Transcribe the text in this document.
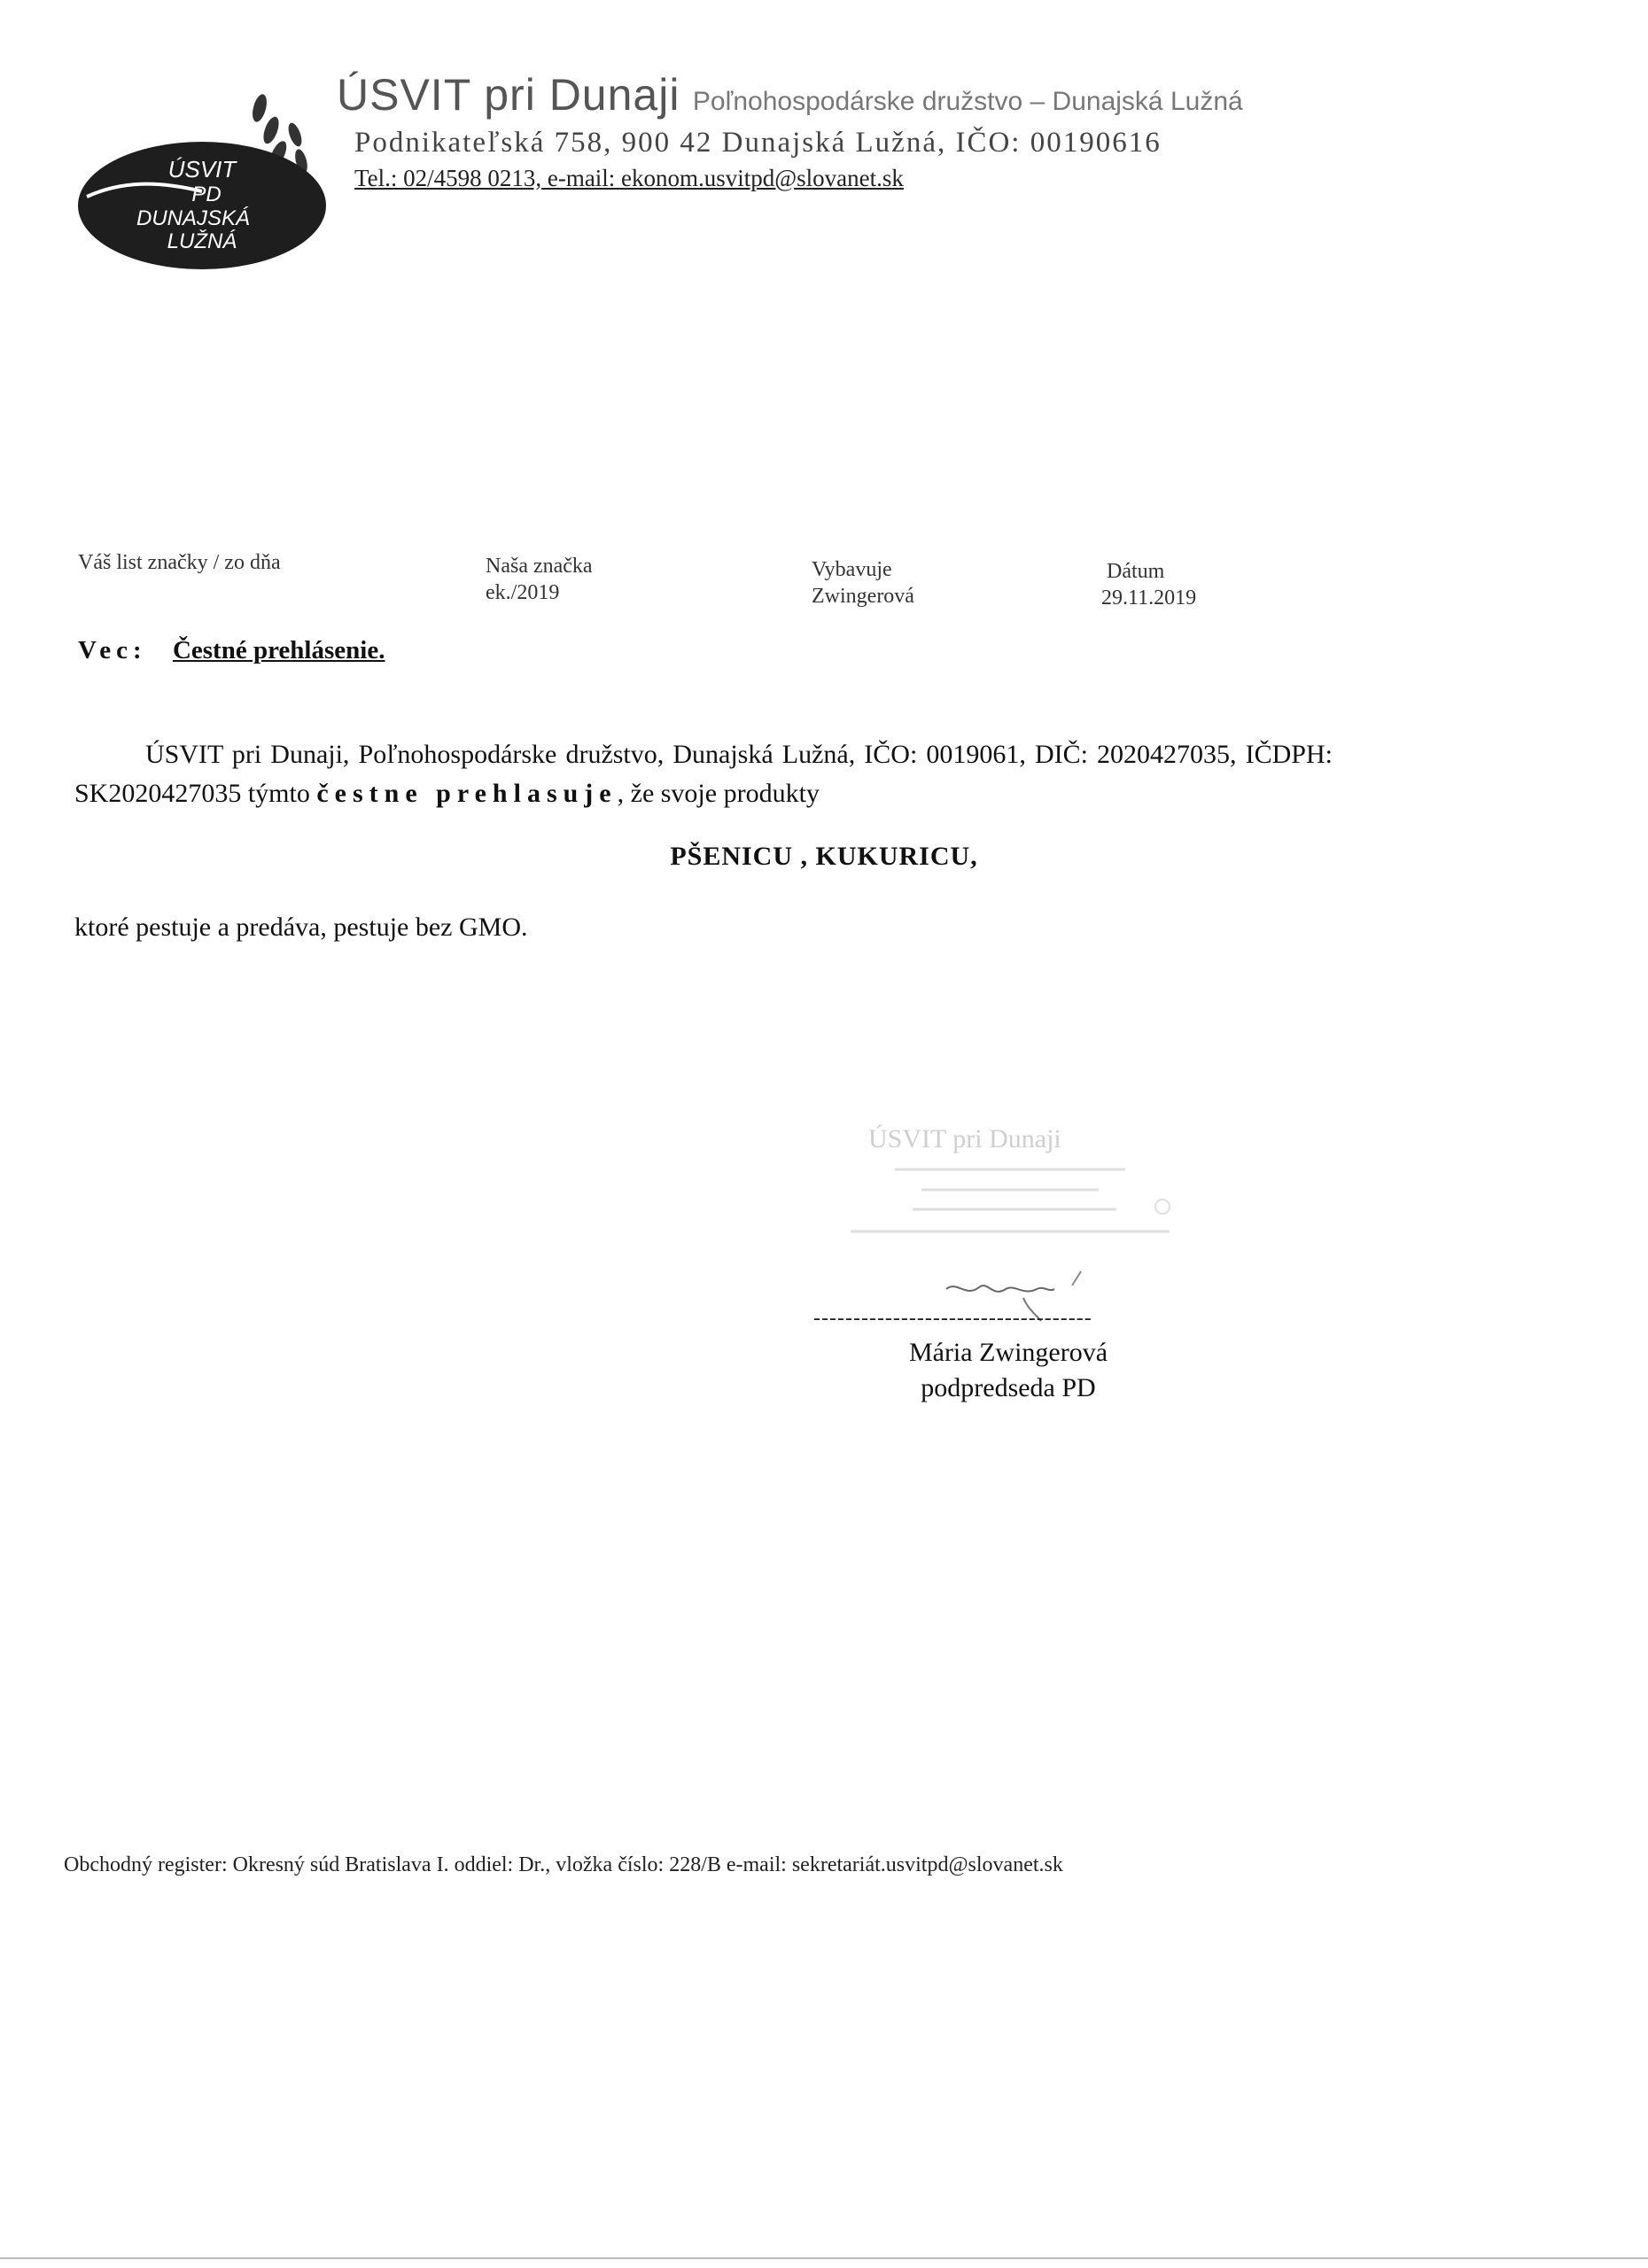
ÚSVIT
PD
DUNAJSKÁ
LUŽNÁ
ÚSVIT pri Dunaji Poľnohospodárske družstvo – Dunajská Lužná
Podnikateľská 758, 900 42 Dunajská Lužná, IČO: 00190616
Tel.: 02/4598 0213, e-mail: ekonom.usvitpd@slovanet.sk
Váš list značky / zo dňa	Naša značka
ek./2019
Vybavuje
Zwingerová
Dátum
29.11.2019
Vec: Čestné prehlásenie.
ÚSVIT pri Dunaji, Poľnohospodárske družstvo, Dunajská Lužná, IČO: 0019061, DIČ: 2020427035, IČDPH: SK2020427035 týmto čestne prehlasuje, že svoje produkty
PŠENICU , KUKURICU,
ktoré pestuje a predáva, pestuje bez GMO.
ÚSVIT pri Dunaji
-----------------------------------
Mária Zwingerová
podpredseda PD
Obchodný register: Okresný súd Bratislava I. oddiel: Dr., vložka číslo: 228/B e-mail: sekretariát.usvitpd@slovanet.sk
